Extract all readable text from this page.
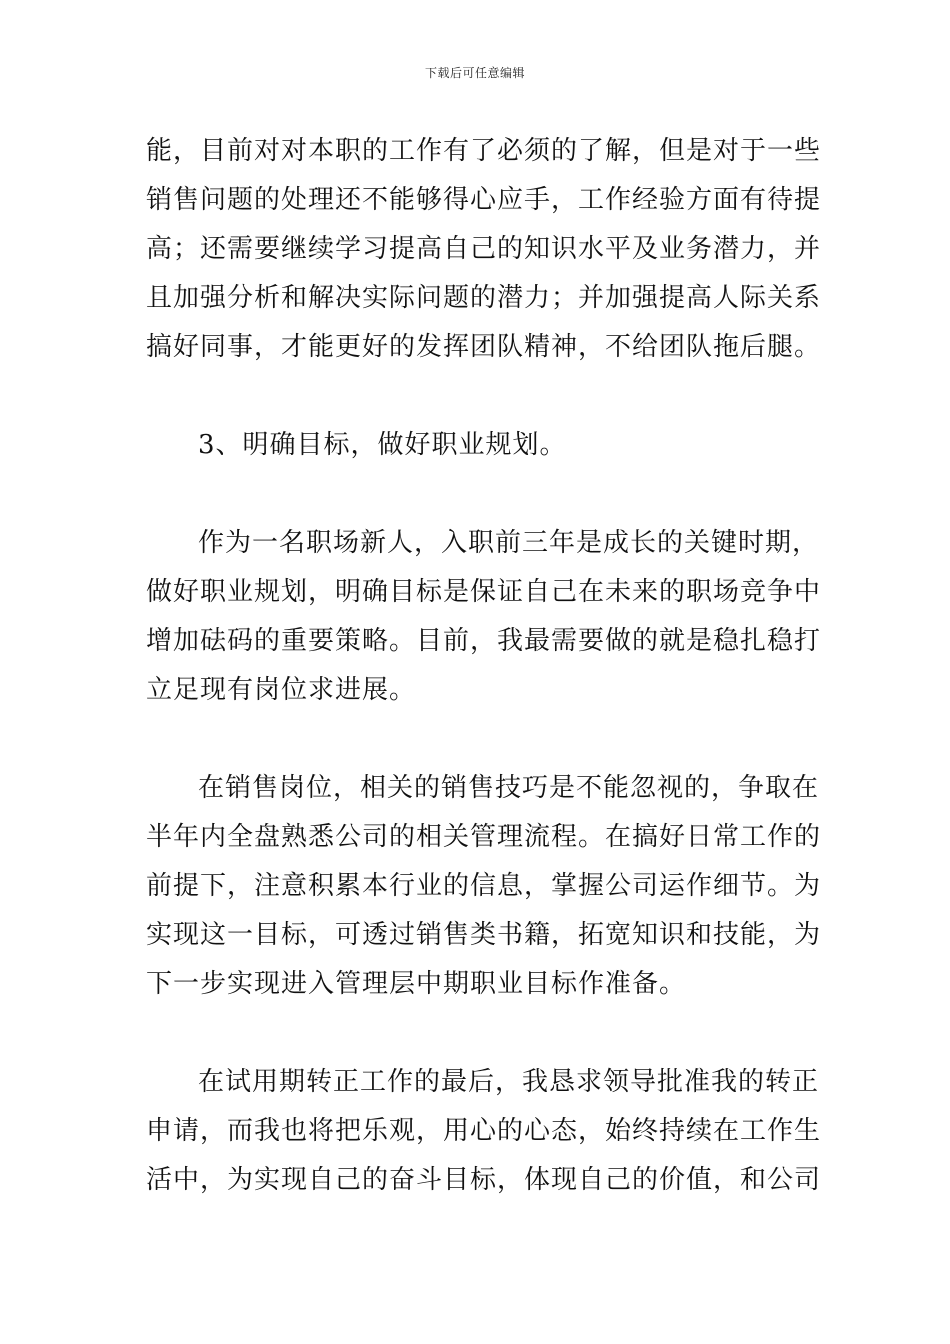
下载后可任意编辑
能，目前对对本职的工作有了必须的了解，但是对于一些
销售问题的处理还不能够得心应手，工作经验方面有待提
高；还需要继续学习提高自己的知识水平及业务潜力，并
且加强分析和解决实际问题的潜力；并加强提高人际关系
搞好同事，才能更好的发挥团队精神，不给团队拖后腿。
3、明确目标，做好职业规划。
作为一名职场新人，入职前三年是成长的关键时期，
做好职业规划，明确目标是保证自己在未来的职场竞争中
增加砝码的重要策略。目前，我最需要做的就是稳扎稳打
立足现有岗位求进展。
在销售岗位，相关的销售技巧是不能忽视的，争取在
半年内全盘熟悉公司的相关管理流程。在搞好日常工作的
前提下，注意积累本行业的信息，掌握公司运作细节。为
实现这一目标，可透过销售类书籍，拓宽知识和技能，为
下一步实现进入管理层中期职业目标作准备。
在试用期转正工作的最后，我恳求领导批准我的转正
申请，而我也将把乐观，用心的心态，始终持续在工作生
活中，为实现自己的奋斗目标，体现自己的价值，和公司
